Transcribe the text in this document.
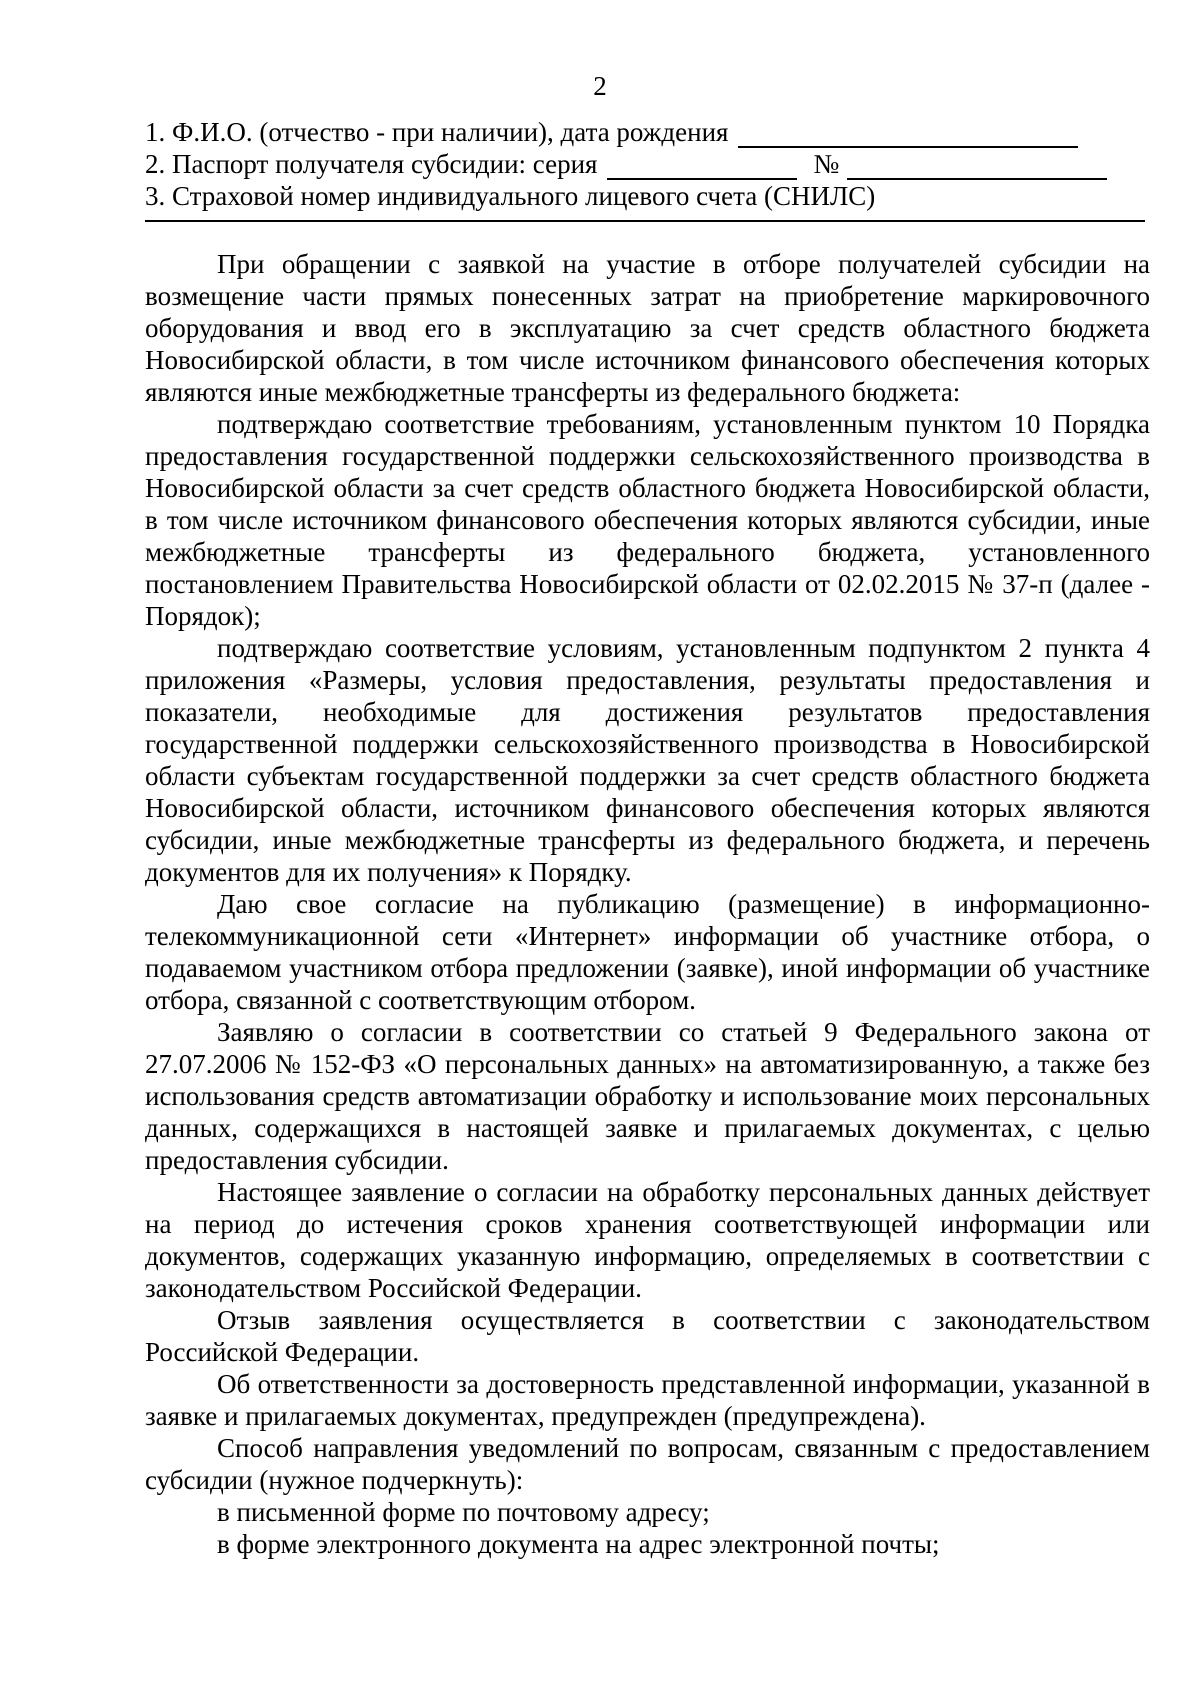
2
1. Ф.И.О. (отчество - при наличии), дата рождения
2. Паспорт получателя субсидии: серия	№
3. Страховой номер индивидуального лицевого счета (СНИЛС)

При обращении с заявкой на участие в отборе получателей субсидии на возмещение части прямых понесенных затрат на приобретение маркировочного оборудования и ввод его в эксплуатацию за счет средств областного бюджета Новосибирской области, в том числе источником финансового обеспечения которых являются иные межбюджетные трансферты из федерального бюджета:

подтверждаю соответствие требованиям, установленным пунктом 10 Порядка предоставления государственной поддержки сельскохозяйственного производства в Новосибирской области за счет средств областного бюджета Новосибирской области, в том числе источником финансового обеспечения которых являются субсидии, иные межбюджетные трансферты из федерального бюджета, установленного постановлением Правительства Новосибирской области от 02.02.2015 № 37-п (далее - Порядок);

подтверждаю соответствие условиям, установленным подпунктом 2 пункта 4 приложения «Размеры, условия предоставления, результаты предоставления и показатели, необходимые для достижения результатов предоставления государственной поддержки сельскохозяйственного производства в Новосибирской области субъектам государственной поддержки за счет средств областного бюджета Новосибирской области, источником финансового обеспечения которых являются субсидии, иные межбюджетные трансферты из федерального бюджета, и перечень документов для их получения» к Порядку.

Даю свое согласие на публикацию (размещение) в информационно-телекоммуникационной сети «Интернет» информации об участнике отбора, о подаваемом участником отбора предложении (заявке), иной информации об участнике отбора, связанной с соответствующим отбором.

Заявляю о согласии в соответствии со статьей 9 Федерального закона от 27.07.2006 № 152-ФЗ «О персональных данных» на автоматизированную, а также без использования средств автоматизации обработку и использование моих персональных данных, содержащихся в настоящей заявке и прилагаемых документах, с целью предоставления субсидии.

Настоящее заявление о согласии на обработку персональных данных действует на период до истечения сроков хранения соответствующей информации или документов, содержащих указанную информацию, определяемых в соответствии с законодательством Российской Федерации.

Отзыв заявления осуществляется в соответствии с законодательством Российской Федерации.

Об ответственности за достоверность представленной информации, указанной в заявке и прилагаемых документах, предупрежден (предупреждена).

Способ направления уведомлений по вопросам, связанным с предоставлением субсидии (нужное подчеркнуть):

в письменной форме по почтовому адресу;

в форме электронного документа на адрес электронной почты;
